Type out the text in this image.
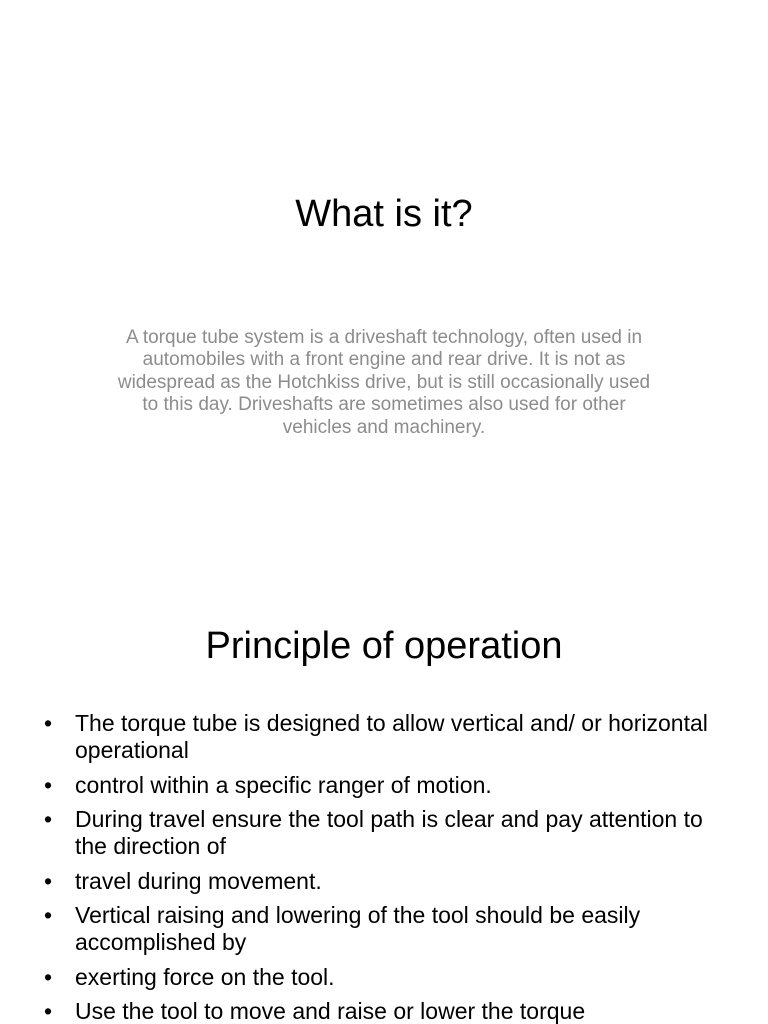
What is it?

A torque tube system is a driveshaft technology, often used in automobiles with a front engine and rear drive. It is not as widespread as the Hotchkiss drive, but is still occasionally used to this day. Driveshafts are sometimes also used for other vehicles and machinery.

Principle of operation
• The torque tube is designed to allow vertical and/ or horizontal operational
• control within a specific ranger of motion.
• During travel ensure the tool path is clear and pay attention to the direction of
• travel during movement.
• Vertical raising and lowering of the tool should be easily accomplished by
• exerting force on the tool.
• Use the tool to move and raise or lower the torque
